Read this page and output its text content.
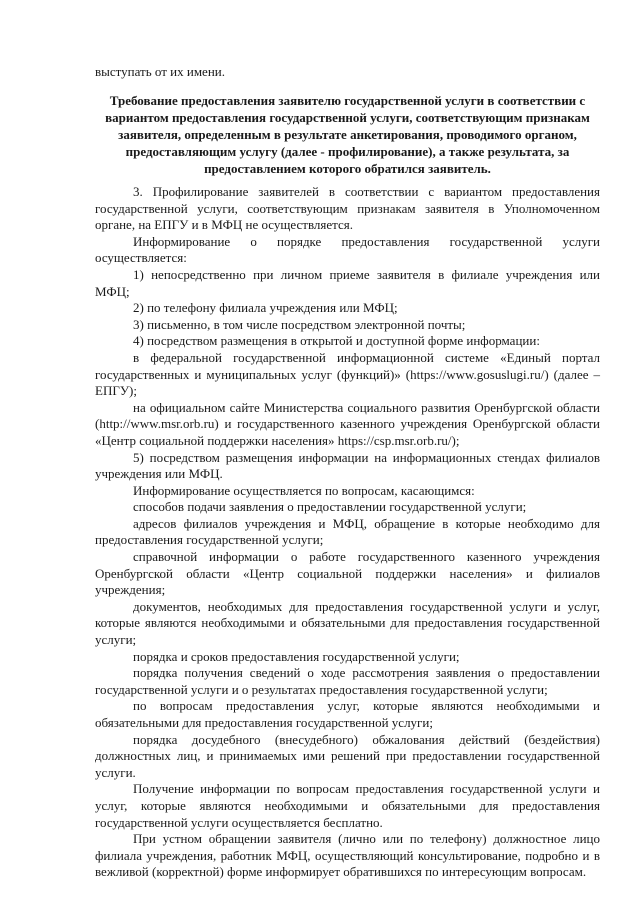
выступать от их имени.
Требование предоставления заявителю государственной услуги в соответствии с вариантом предоставления государственной услуги, соответствующим признакам заявителя, определенным в результате анкетирования, проводимого органом, предоставляющим услугу (далее - профилирование), а также результата, за предоставлением которого обратился заявитель.

3. Профилирование заявителей в соответствии с вариантом предоставления государственной услуги, соответствующим признакам заявителя в Уполномоченном органе, на ЕПГУ и в МФЦ не осуществляется.

Информирование о порядке предоставления государственной услуги осуществляется:

1) непосредственно при личном приеме заявителя в филиале учреждения или МФЦ;

2) по телефону филиала учреждения или МФЦ;

3) письменно, в том числе посредством электронной почты;

4) посредством размещения в открытой и доступной форме информации:

в федеральной государственной информационной системе «Единый портал государственных и муниципальных услуг (функций)» (https://www.gosuslugi.ru/) (далее – ЕПГУ);

на официальном сайте Министерства социального развития Оренбургской области (http://www.msr.orb.ru) и государственного казенного учреждения Оренбургской области «Центр социальной поддержки населения» https://csp.msr.orb.ru/);

5) посредством размещения информации на информационных стендах филиалов учреждения или МФЦ.

Информирование осуществляется по вопросам, касающимся:

способов подачи заявления о предоставлении государственной услуги;

адресов филиалов учреждения и МФЦ, обращение в которые необходимо для предоставления государственной услуги;

справочной информации о работе государственного казенного учреждения Оренбургской области «Центр социальной поддержки населения» и филиалов учреждения;

документов, необходимых для предоставления государственной услуги и услуг, которые являются необходимыми и обязательными для предоставления государственной услуги;

порядка и сроков предоставления государственной услуги;

порядка получения сведений о ходе рассмотрения заявления о предоставлении государственной услуги и о результатах предоставления государственной услуги;

по вопросам предоставления услуг, которые являются необходимыми и обязательными для предоставления государственной услуги;

порядка досудебного (внесудебного) обжалования действий (бездействия) должностных лиц, и принимаемых ими решений при предоставлении государственной услуги.

Получение информации по вопросам предоставления государственной услуги и услуг, которые являются необходимыми и обязательными для предоставления государственной услуги осуществляется бесплатно.

При устном обращении заявителя (лично или по телефону) должностное лицо филиала учреждения, работник МФЦ, осуществляющий консультирование, подробно и в вежливой (корректной) форме информирует обратившихся по интересующим вопросам.
